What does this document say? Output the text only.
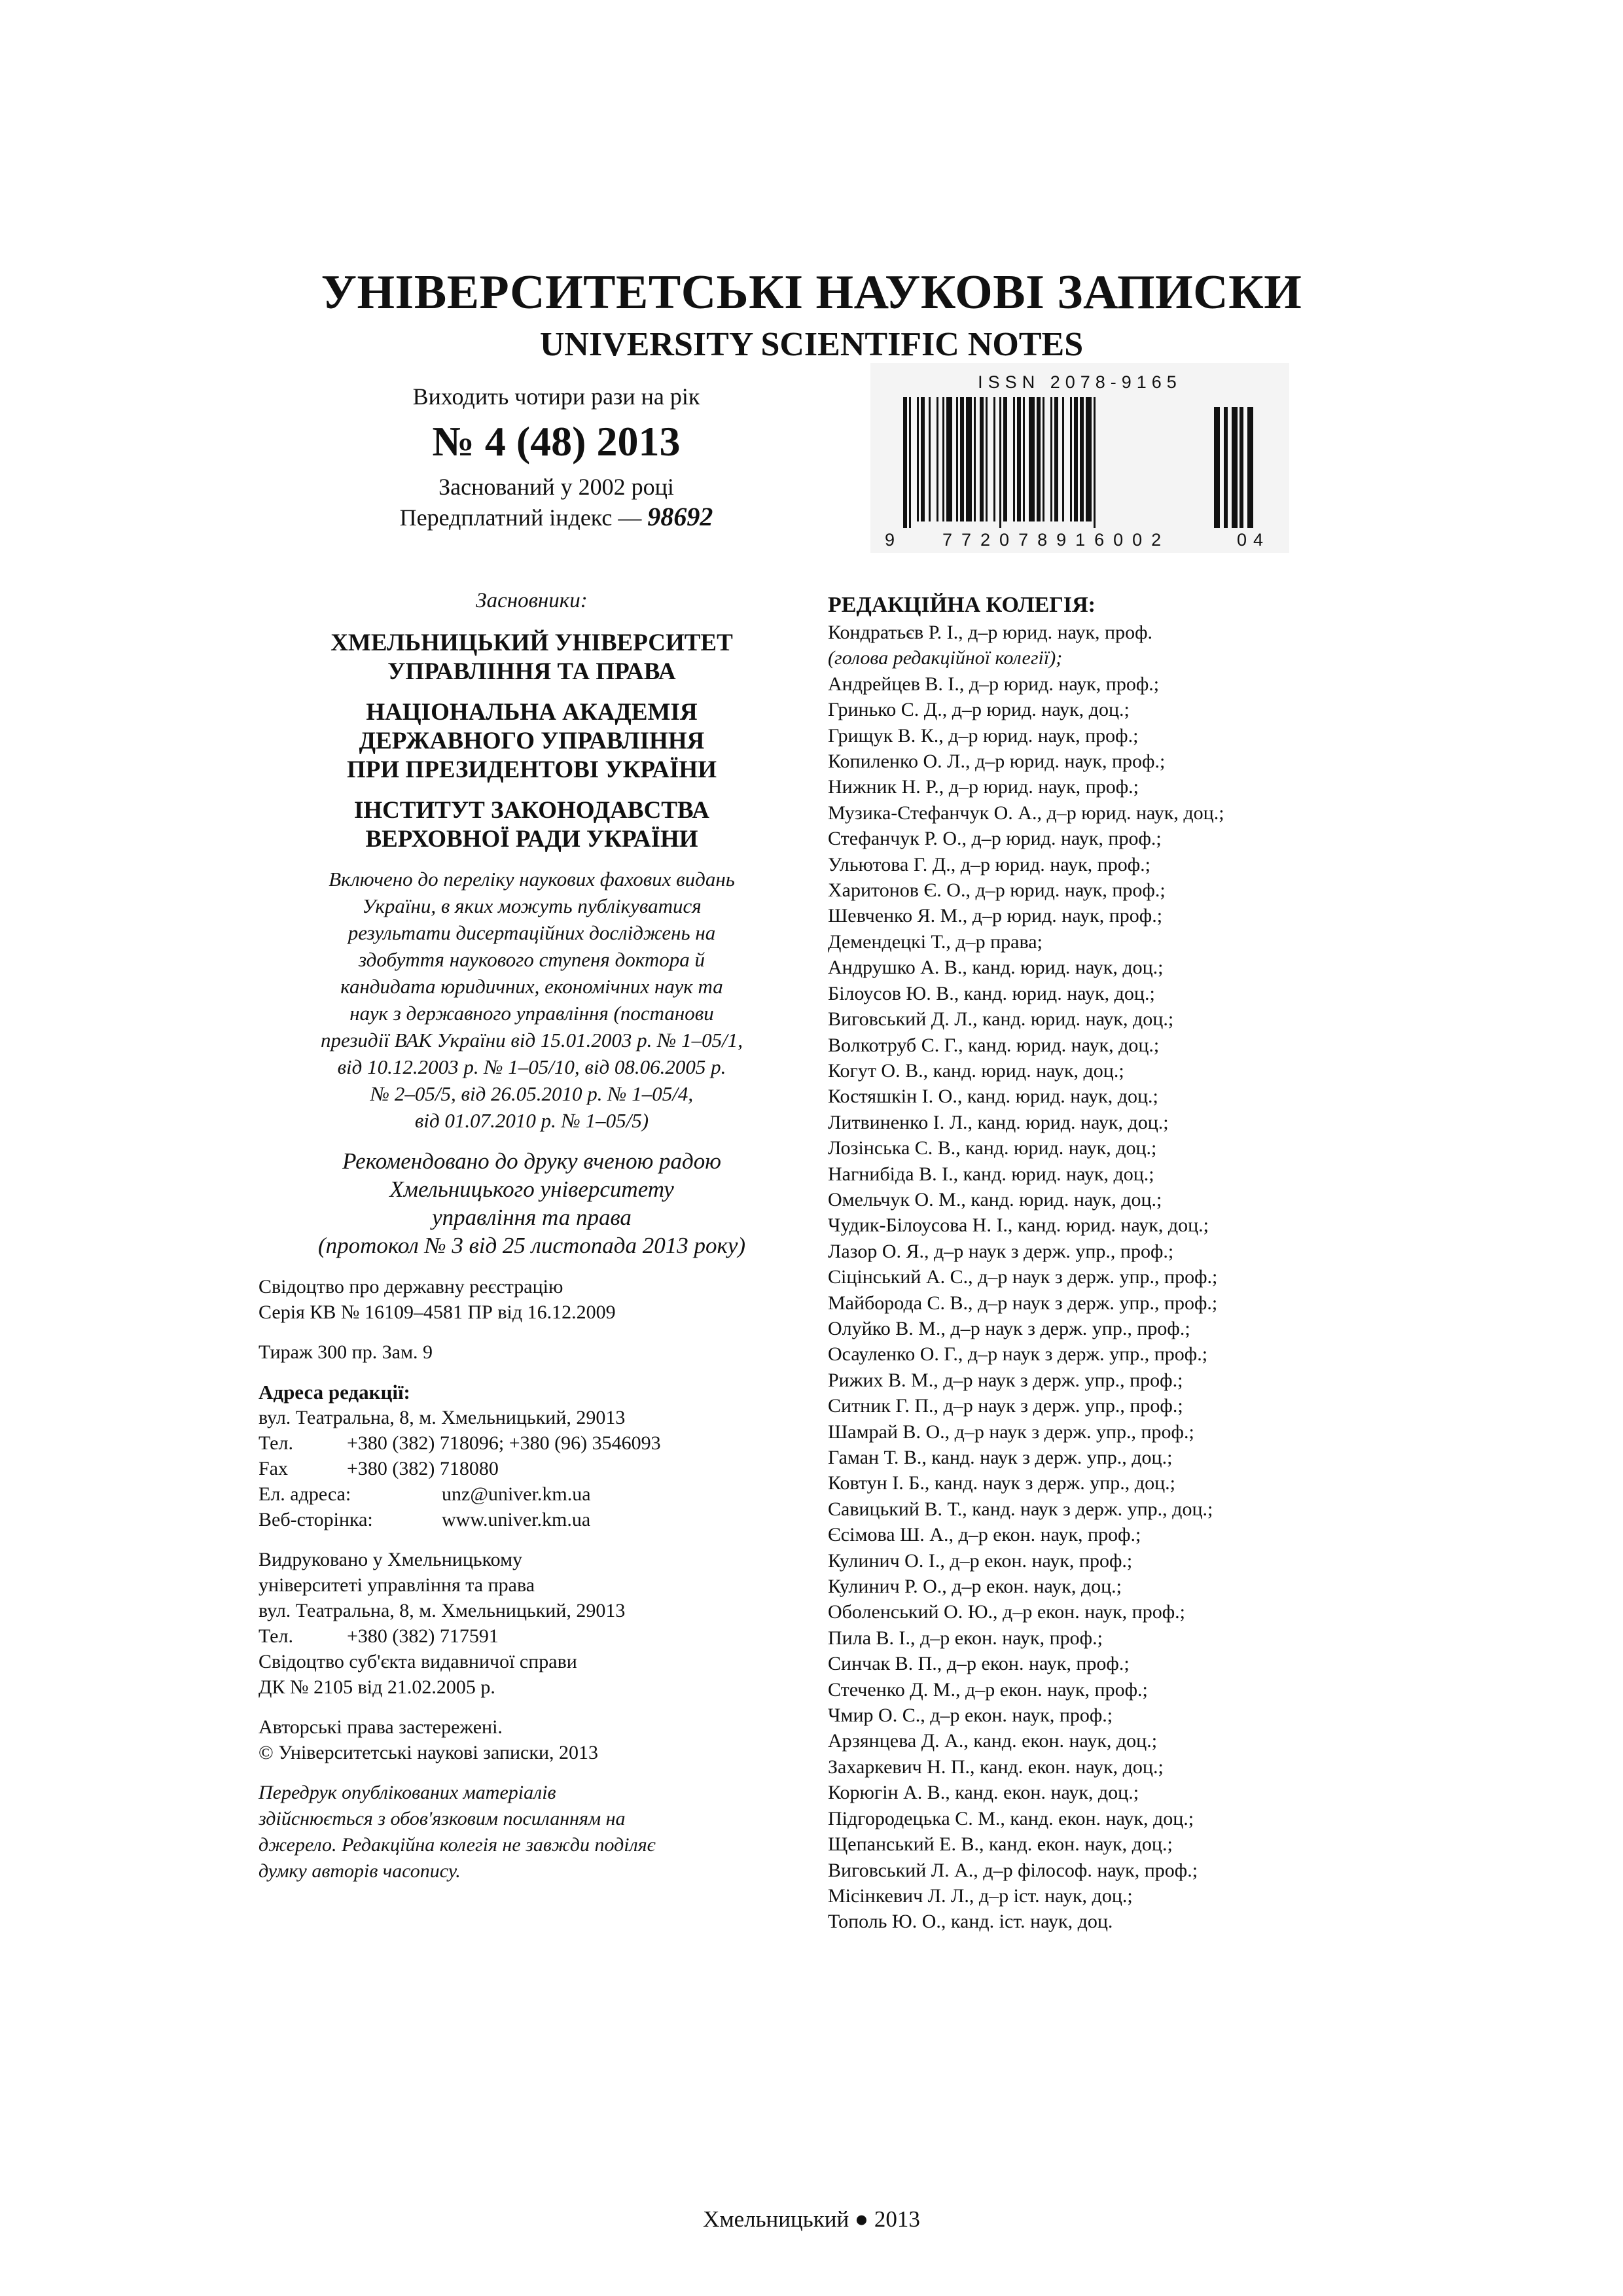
УНІВЕРСИТЕТСЬКІ НАУКОВІ ЗАПИСКИ
UNIVERSITY SCIENTIFIC NOTES
Виходить чотири рази на рік
№ 4 (48) 2013
Заснований у 2002 році
Передплатний індекс — 98692
ISSN 2078-9165
9	772078916002	04
Засновники:
ХМЕЛЬНИЦЬКИЙ УНІВЕРСИТЕТ
УПРАВЛІННЯ ТА ПРАВА
НАЦІОНАЛЬНА АКАДЕМІЯ
ДЕРЖАВНОГО УПРАВЛІННЯ
ПРИ ПРЕЗИДЕНТОВІ УКРАЇНИ
ІНСТИТУТ ЗАКОНОДАВСТВА
ВЕРХОВНОЇ РАДИ УКРАЇНИ
Включено до переліку наукових фахових видань
України, в яких можуть публікуватися
результати дисертаційних досліджень на
здобуття наукового ступеня доктора й
кандидата юридичних, економічних наук та
наук з державного управління (постанови
президії ВАК України від 15.01.2003 р. № 1–05/1,
від 10.12.2003 р. № 1–05/10, від 08.06.2005 р.
№ 2–05/5, від 26.05.2010 р. № 1–05/4,
від 01.07.2010 р. № 1–05/5)
Рекомендовано до друку вченою радою
Хмельницького університету
управління та права
(протокол № 3 від 25 листопада 2013 року)
Свідоцтво про державну реєстрацію
Серія КВ № 16109–4581 ПР від 16.12.2009
Тираж 300 пр. Зам. 9
Адреса редакції:
вул. Театральна, 8, м. Хмельницький, 29013
Тел.	+380 (382) 718096; +380 (96) 3546093
Fax	+380 (382) 718080
Ел. адреса:	unz@univer.km.ua
Веб-сторінка:	www.univer.km.ua
Видруковано у Хмельницькому
університеті управління та права
вул. Театральна, 8, м. Хмельницький, 29013
Тел.	+380 (382) 717591
Свідоцтво суб'єкта видавничої справи
ДК № 2105 від 21.02.2005 р.
Авторські права застережені.
© Університетські наукові записки, 2013
Передрук опублікованих матеріалів
здійснюється з обов'язковим посиланням на
джерело. Редакційна колегія не завжди поділяє
думку авторів часопису.
РЕДАКЦІЙНА КОЛЕГІЯ:
Кондратьєв Р. І., д–р юрид. наук, проф.
(голова редакційної колегії);
Андрейцев В. І., д–р юрид. наук, проф.;
Гринько С. Д., д–р юрид. наук, доц.;
Грищук В. К., д–р юрид. наук, проф.;
Копиленко О. Л., д–р юрид. наук, проф.;
Нижник Н. Р., д–р юрид. наук, проф.;
Музика-Стефанчук О. А., д–р юрид. наук, доц.;
Стефанчук Р. О., д–р юрид. наук, проф.;
Ульютова Г. Д., д–р юрид. наук, проф.;
Харитонов Є. О., д–р юрид. наук, проф.;
Шевченко Я. М., д–р юрид. наук, проф.;
Демендецкі Т., д–р права;
Андрушко А. В., канд. юрид. наук, доц.;
Білоусов Ю. В., канд. юрид. наук, доц.;
Виговський Д. Л., канд. юрид. наук, доц.;
Волкотруб С. Г., канд. юрид. наук, доц.;
Когут О. В., канд. юрид. наук, доц.;
Костяшкін І. О., канд. юрид. наук, доц.;
Литвиненко І. Л., канд. юрид. наук, доц.;
Лозінська С. В., канд. юрид. наук, доц.;
Нагнибіда В. І., канд. юрид. наук, доц.;
Омельчук О. М., канд. юрид. наук, доц.;
Чудик-Білоусова Н. І., канд. юрид. наук, доц.;
Лазор О. Я., д–р наук з держ. упр., проф.;
Сіцінський А. С., д–р наук з держ. упр., проф.;
Майборода С. В., д–р наук з держ. упр., проф.;
Олуйко В. М., д–р наук з держ. упр., проф.;
Осауленко О. Г., д–р наук з держ. упр., проф.;
Рижих В. М., д–р наук з держ. упр., проф.;
Ситник Г. П., д–р наук з держ. упр., проф.;
Шамрай В. О., д–р наук з держ. упр., проф.;
Гаман Т. В., канд. наук з держ. упр., доц.;
Ковтун І. Б., канд. наук з держ. упр., доц.;
Савицький В. Т., канд. наук з держ. упр., доц.;
Єсімова Ш. А., д–р екон. наук, проф.;
Кулинич О. І., д–р екон. наук, проф.;
Кулинич Р. О., д–р екон. наук, доц.;
Оболенський О. Ю., д–р екон. наук, проф.;
Пила В. І., д–р екон. наук, проф.;
Синчак В. П., д–р екон. наук, проф.;
Стеченко Д. М., д–р екон. наук, проф.;
Чмир О. С., д–р екон. наук, проф.;
Арзянцева Д. А., канд. екон. наук, доц.;
Захаркевич Н. П., канд. екон. наук, доц.;
Корюгін А. В., канд. екон. наук, доц.;
Підгородецька С. М., канд. екон. наук, доц.;
Щепанський Е. В., канд. екон. наук, доц.;
Виговський Л. А., д–р філософ. наук, проф.;
Місінкевич Л. Л., д–р іст. наук, доц.;
Тополь Ю. О., канд. іст. наук, доц.
Хмельницький ● 2013
